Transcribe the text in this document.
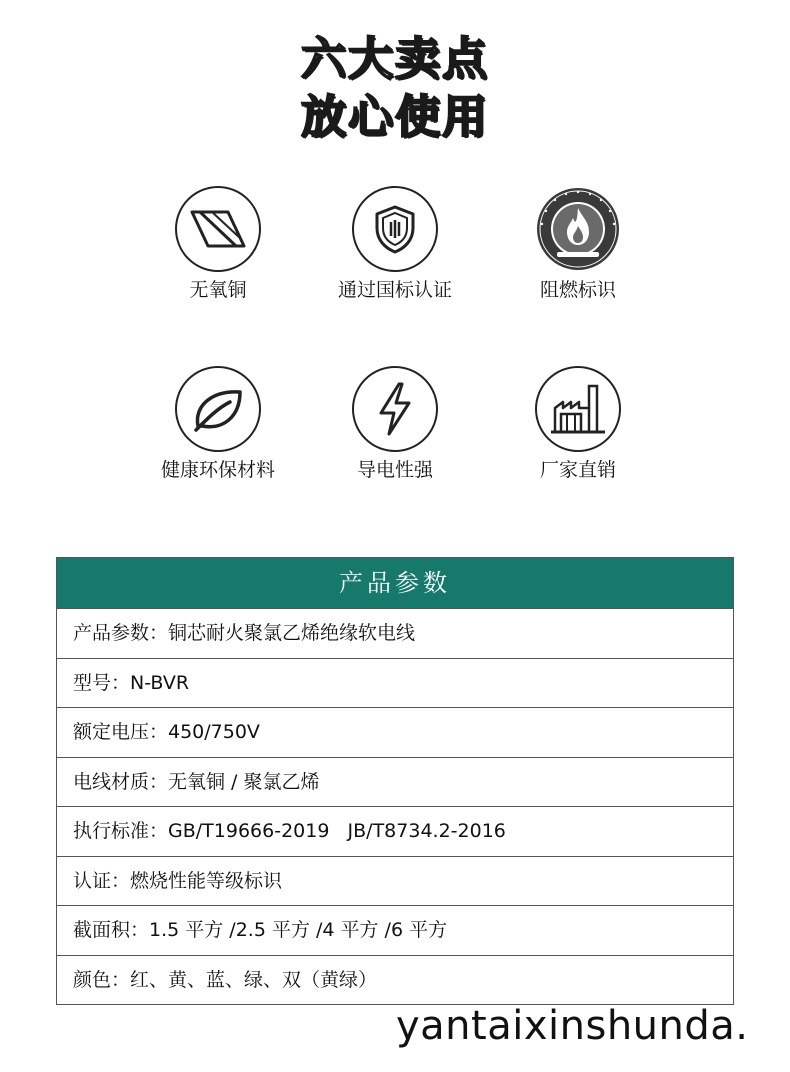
六大卖点
放心使用
无氧铜	通过国标认证	阻燃标识
健康环保材料	导电性强	厂家直销
产品参数
产品参数：铜芯耐火聚氯乙烯绝缘软电线
型号：N-BVR
额定电压：450/750V
电线材质：无氧铜 / 聚氯乙烯
执行标准：GB/T19666-2019   JB/T8734.2-2016
认证：燃烧性能等级标识
截面积：1.5 平方 /2.5 平方 /4 平方 /6 平方
颜色：红、黄、蓝、绿、双（黄绿）
yantaixinshunda.
